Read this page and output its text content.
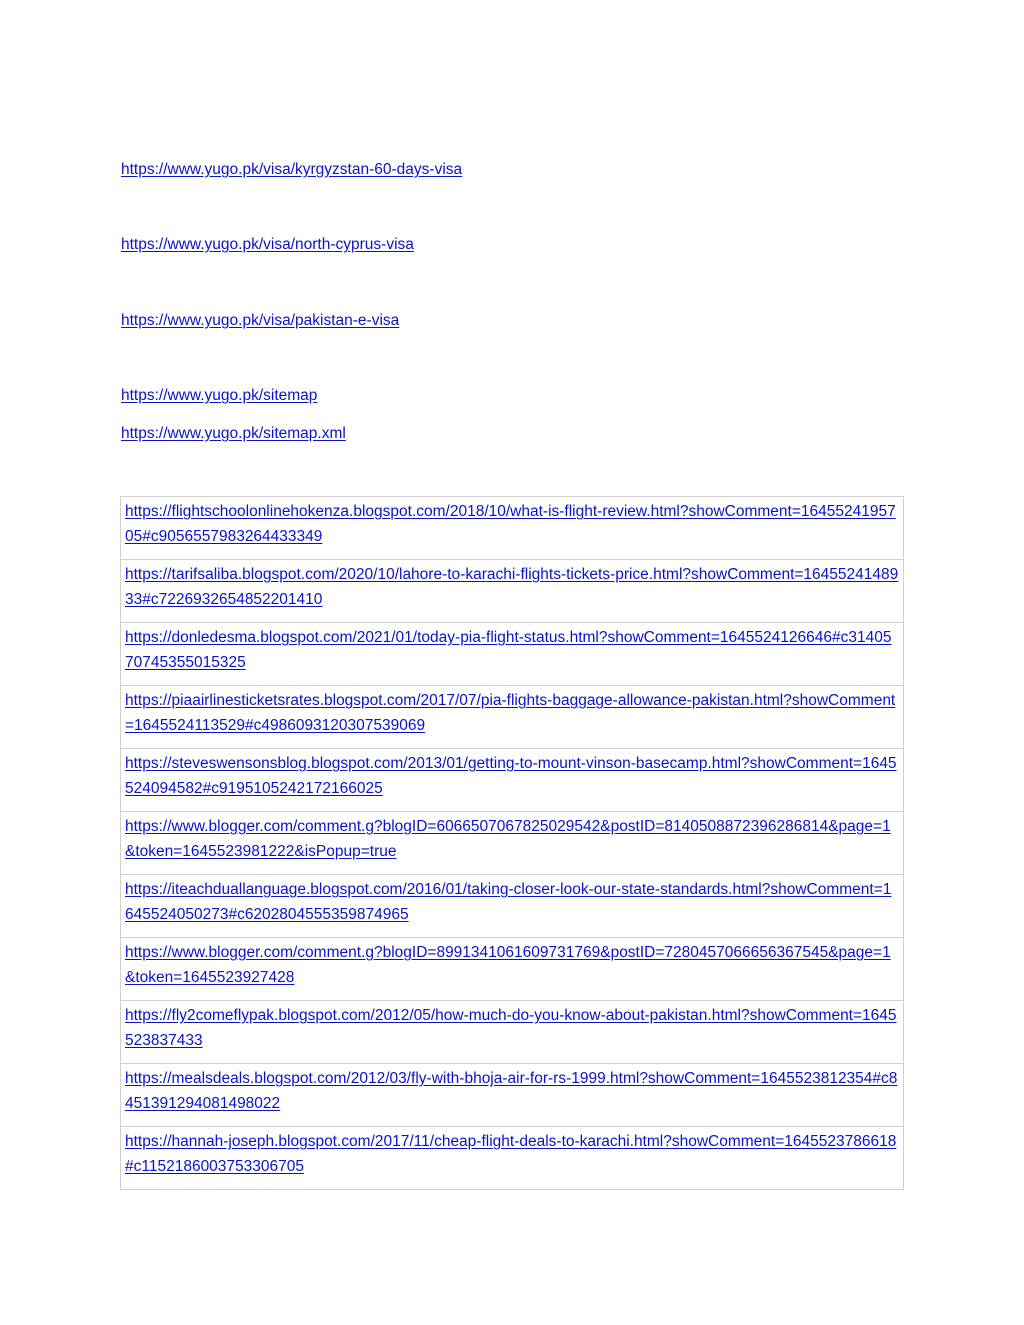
https://www.yugo.pk/visa/kyrgyzstan-60-days-visa
https://www.yugo.pk/visa/north-cyprus-visa
https://www.yugo.pk/visa/pakistan-e-visa
https://www.yugo.pk/sitemap
https://www.yugo.pk/sitemap.xml
https://flightschoolonlinehokenza.blogspot.com/2018/10/what-is-flight-review.html?showComment=1645524195705#c9056557983264433349

https://tarifsaliba.blogspot.com/2020/10/lahore-to-karachi-flights-tickets-price.html?showComment=1645524148933#c7226932654852201410

https://donledesma.blogspot.com/2021/01/today-pia-flight-status.html?showComment=1645524126646#c3140570745355015325

https://piaairlinesticketsrates.blogspot.com/2017/07/pia-flights-baggage-allowance-pakistan.html?showComment=1645524113529#c4986093120307539069

https://steveswensonsblog.blogspot.com/2013/01/getting-to-mount-vinson-basecamp.html?showComment=1645524094582#c9195105242172166025

https://www.blogger.com/comment.g?blogID=6066507067825029542&postID=8140508872396286814&page=1&token=1645523981222&isPopup=true

https://iteachduallanguage.blogspot.com/2016/01/taking-closer-look-our-state-standards.html?showComment=1645524050273#c6202804555359874965

https://www.blogger.com/comment.g?blogID=8991341061609731769&postID=7280457066656367545&page=1&token=1645523927428

https://fly2comeflypak.blogspot.com/2012/05/how-much-do-you-know-about-pakistan.html?showComment=1645523837433

https://mealsdeals.blogspot.com/2012/03/fly-with-bhoja-air-for-rs-1999.html?showComment=1645523812354#c8451391294081498022

https://hannah-joseph.blogspot.com/2017/11/cheap-flight-deals-to-karachi.html?showComment=1645523786618#c1152186003753306705
